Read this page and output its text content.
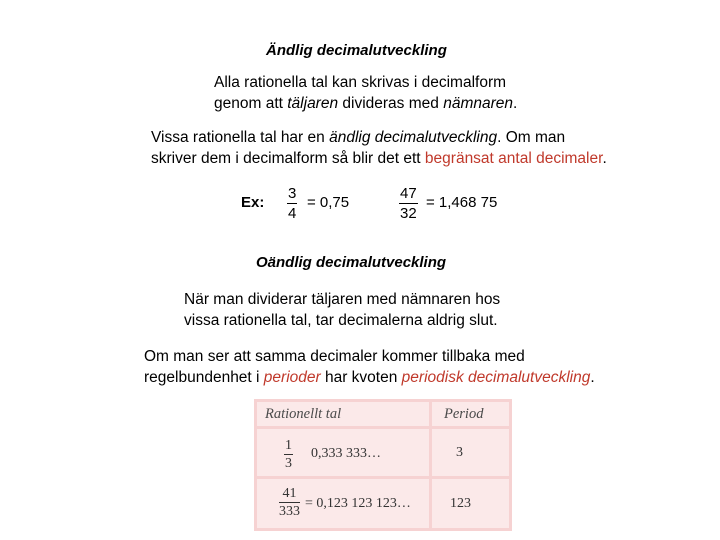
Ändlig decimalutveckling
Alla rationella tal kan skrivas i decimalform
genom att täljaren divideras med nämnaren.
Vissa rationella tal har en ändlig decimalutveckling. Om man
skriver dem i decimalform så blir det ett begränsat antal decimaler.
Ex: $\frac{3}{4} = 0,75$	$\frac{47}{32} = 1,468$ 75
Oändlig decimalutveckling
När man dividerar täljaren med nämnaren hos
vissa rationella tal, tar decimalerna aldrig slut.
Om man ser att samma decimaler kommer tillbaka med
regelbundenhet i perioder har kvoten periodisk decimalutveckling.
Rationellt tal	Period
$\frac{1}{3} 0,333$ 333…	3
$\frac{41}{333} = 0,123$ 123 123…	123
